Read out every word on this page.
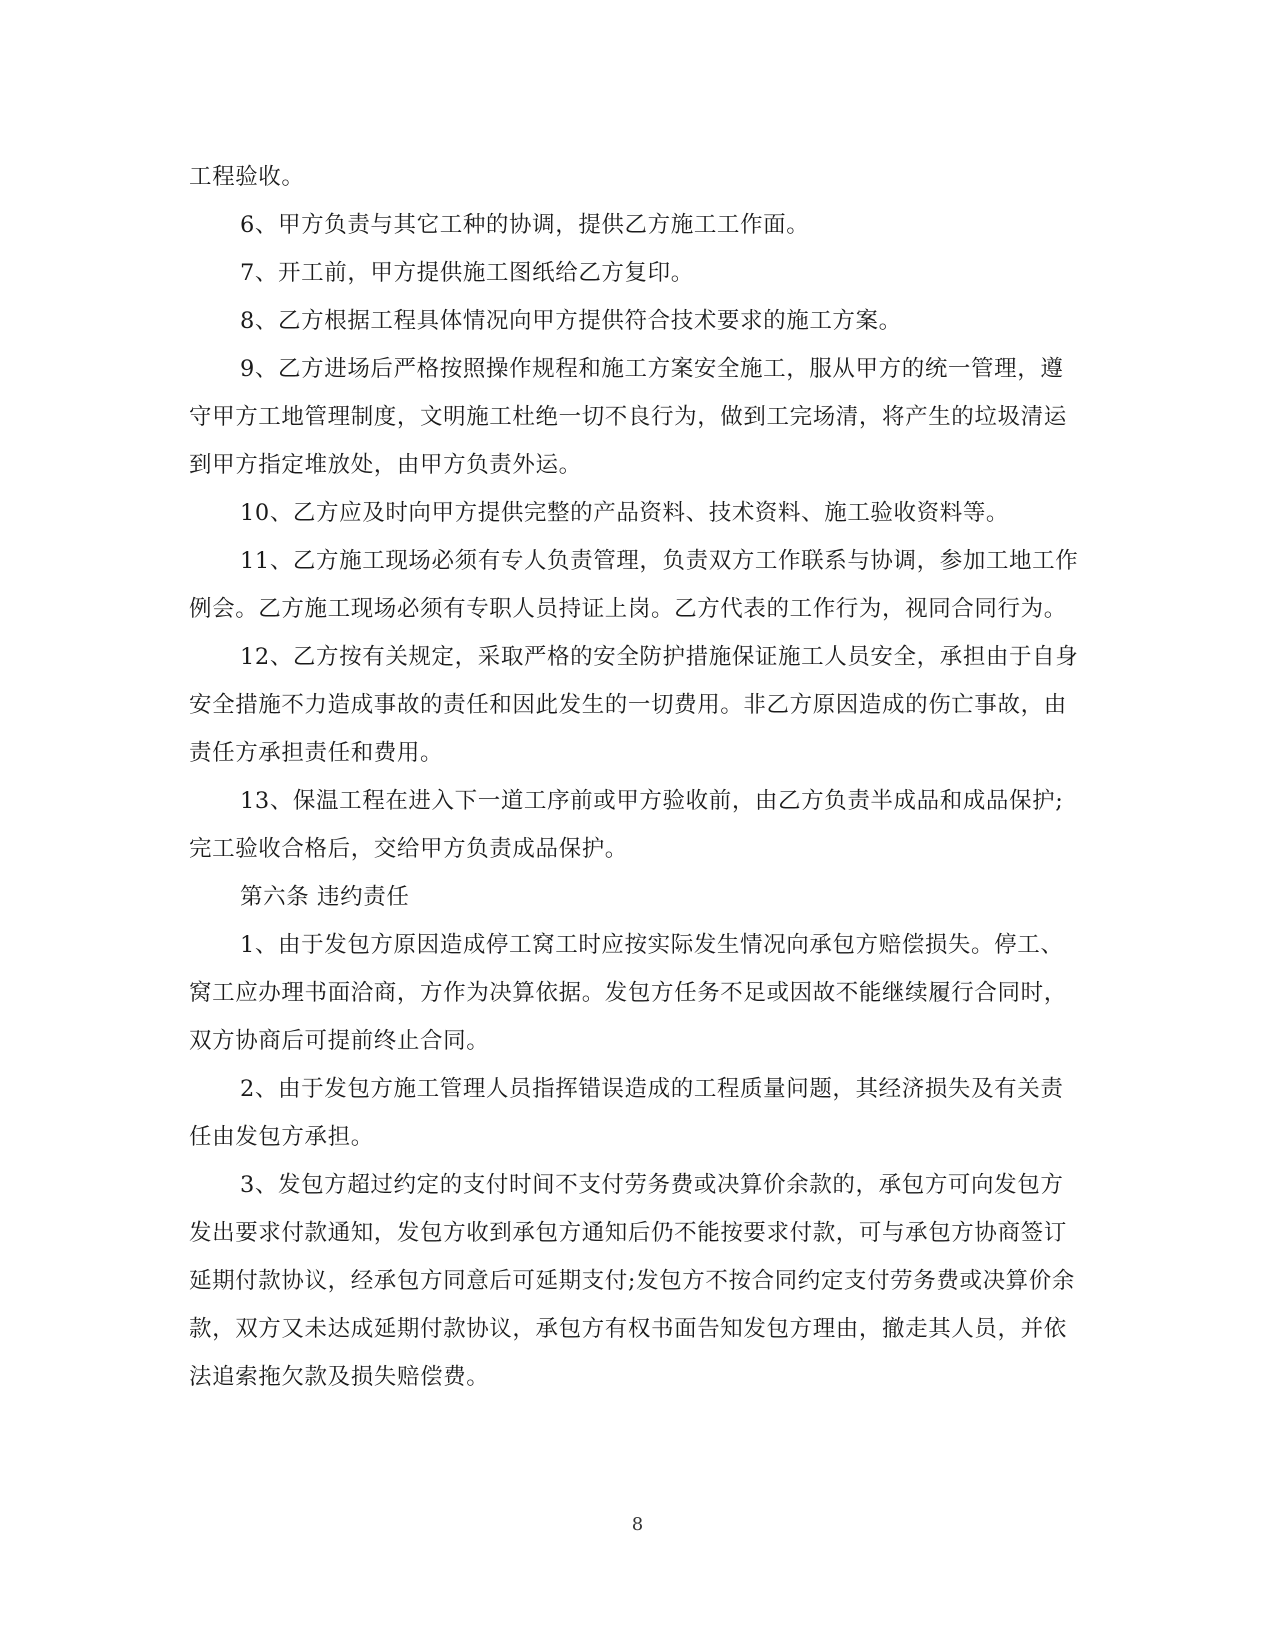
工程验收。

6、甲方负责与其它工种的协调，提供乙方施工工作面。

7、开工前，甲方提供施工图纸给乙方复印。

8、乙方根据工程具体情况向甲方提供符合技术要求的施工方案。

9、乙方进场后严格按照操作规程和施工方案安全施工，服从甲方的统一管理，遵守甲方工地管理制度，文明施工杜绝一切不良行为，做到工完场清，将产生的垃圾清运到甲方指定堆放处，由甲方负责外运。

10、乙方应及时向甲方提供完整的产品资料、技术资料、施工验收资料等。

11、乙方施工现场必须有专人负责管理，负责双方工作联系与协调，参加工地工作例会。乙方施工现场必须有专职人员持证上岗。乙方代表的工作行为，视同合同行为。

12、乙方按有关规定，采取严格的安全防护措施保证施工人员安全，承担由于自身安全措施不力造成事故的责任和因此发生的一切费用。非乙方原因造成的伤亡事故，由责任方承担责任和费用。

13、保温工程在进入下一道工序前或甲方验收前，由乙方负责半成品和成品保护;完工验收合格后，交给甲方负责成品保护。

第六条 违约责任

1、由于发包方原因造成停工窝工时应按实际发生情况向承包方赔偿损失。停工、窝工应办理书面洽商，方作为决算依据。发包方任务不足或因故不能继续履行合同时，双方协商后可提前终止合同。

2、由于发包方施工管理人员指挥错误造成的工程质量问题，其经济损失及有关责任由发包方承担。

3、发包方超过约定的支付时间不支付劳务费或决算价余款的，承包方可向发包方发出要求付款通知，发包方收到承包方通知后仍不能按要求付款，可与承包方协商签订延期付款协议，经承包方同意后可延期支付;发包方不按合同约定支付劳务费或决算价余款，双方又未达成延期付款协议，承包方有权书面告知发包方理由，撤走其人员，并依法追索拖欠款及损失赔偿费。

8
